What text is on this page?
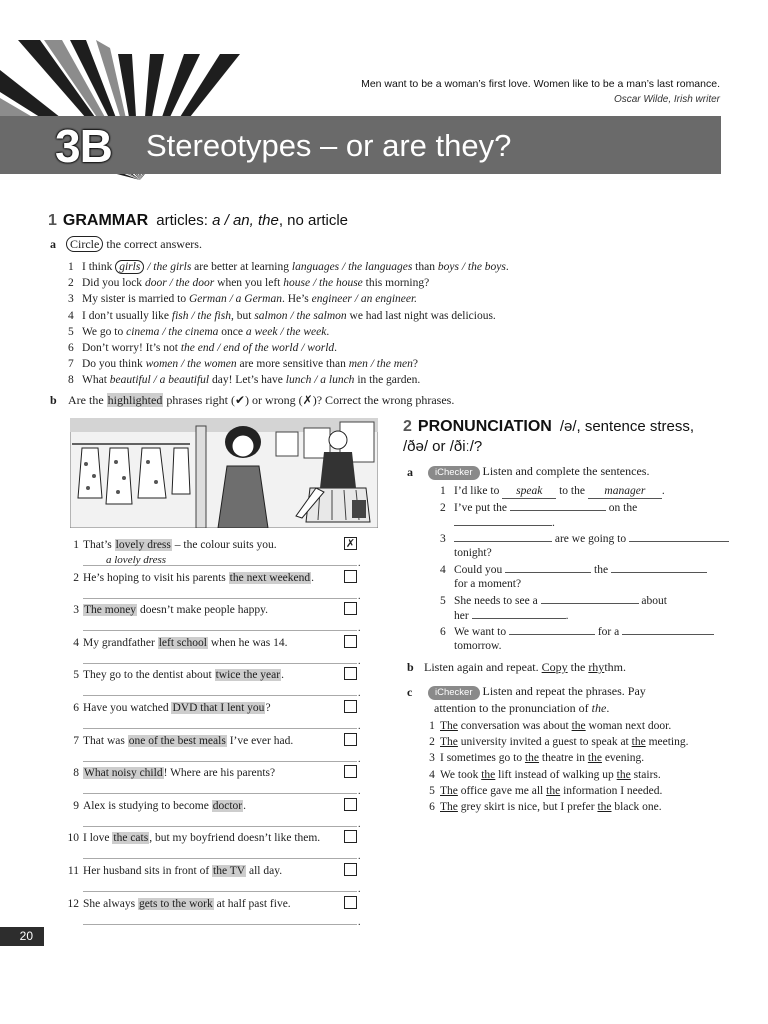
Men want to be a woman’s first love. Women like to be a man’s last romance.
Oscar Wilde, Irish writer
3B Stereotypes – or are they?
1 GRAMMAR articles: a / an, the, no article
a	Circle the correct answers.
1 I think girls / the girls are better at learning languages / the languages than boys / the boys.
2 Did you lock door / the door when you left house / the house this morning?
3 My sister is married to German / a German. He’s engineer / an engineer.
4 I don’t usually like fish / the fish, but salmon / the salmon we had last night was delicious.
5 We go to cinema / the cinema once a week / the week.
6 Don’t worry! It’s not the end / end of the world / world.
7 Do you think women / the women are more sensitive than men / the men?
8 What beautiful / a beautiful day! Let’s have lunch / a lunch in the garden.
b Are the highlighted phrases right (✔) or wrong (✗)? Correct the wrong phrases.
1 That’s lovely dress – the colour suits you.	✗
.
a lovely dress
2 He’s hoping to visit his parents the next weekend.
.
3 The money doesn’t make people happy.
.
4 My grandfather left school when he was 14.
.
5 They go to the dentist about twice the year.
.
6 Have you watched DVD that I lent you?
.
7 That was one of the best meals I’ve ever had.
.
8 What noisy child! Where are his parents?
.
9 Alex is studying to become doctor.
.
10 I love the cats, but my boyfriend doesn’t like them.
.
11 Her husband sits in front of the TV all day.
.
12 She always gets to the work at half past five.
.
2 PRONUNCIATION /ə/, sentence stress,
/ðə/ or /ðiː/?
a	iChecker Listen and complete the sentences.
1 I’d like to speak to the manager .
2 I’ve put the	on the
.
3	are we going to
tonight?
4 Could you	the
for a moment?
5 She needs to see a	about
her	.
6 We want to	for a
tomorrow.
b Listen again and repeat. Copy the rhythm.
c	iChecker Listen and repeat the phrases. Pay
attention to the pronunciation of the.
1 The conversation was about the woman next door.
2 The university invited a guest to speak at the meeting.
3 I sometimes go to the theatre in the evening.
4 We took the lift instead of walking up the stairs.
5 The office gave me all the information I needed.
6 The grey skirt is nice, but I prefer the black one.
20
